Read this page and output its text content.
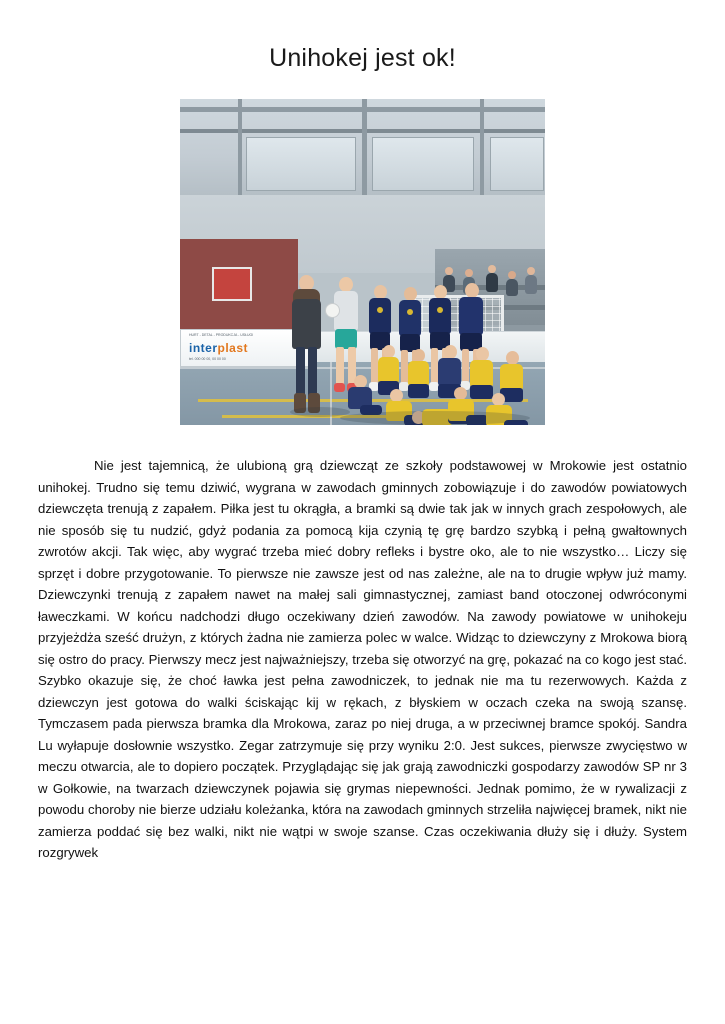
Unihokej jest ok!
HURT - DETAL - PRODUKCJA - USŁUGI
interplast
tel. 000 00 00, 00 00 00

Nie jest tajemnicą, że ulubioną grą dziewcząt ze szkoły podstawowej w Mrokowie jest ostatnio unihokej. Trudno się temu dziwić, wygrana w zawodach gminnych zobowiązuje i do zawodów powiatowych dziewczęta trenują z zapałem. Piłka jest tu okrągła, a bramki są dwie tak jak w innych grach zespołowych, ale nie sposób się tu nudzić, gdyż podania za pomocą kija czynią tę grę bardzo szybką i pełną gwałtownych zwrotów akcji. Tak więc, aby wygrać trzeba mieć dobry refleks i bystre oko, ale to nie wszystko… Liczy się sprzęt i dobre przygotowanie. To pierwsze nie zawsze jest od nas zależne, ale na to drugie wpływ już mamy. Dziewczynki trenują z zapałem nawet na małej sali gimnastycznej, zamiast band otoczonej odwróconymi ławeczkami. W końcu nadchodzi długo oczekiwany dzień zawodów. Na zawody powiatowe w unihokeju przyjeżdża sześć drużyn, z których żadna nie zamierza polec w walce. Widząc to dziewczyny z Mrokowa biorą się ostro do pracy. Pierwszy mecz jest najważniejszy, trzeba się otworzyć na grę, pokazać na co kogo jest stać. Szybko okazuje się, że choć ławka jest pełna zawodniczek, to jednak nie ma tu rezerwowych. Każda z dziewczyn jest gotowa do walki ściskając kij w rękach, z błyskiem w oczach czeka na swoją szansę. Tymczasem pada pierwsza bramka dla Mrokowa, zaraz po niej druga, a w przeciwnej bramce spokój. Sandra Lu wyłapuje dosłownie wszystko. Zegar zatrzymuje się przy wyniku 2:0. Jest sukces, pierwsze zwycięstwo w meczu otwarcia, ale to dopiero początek. Przyglądając się jak grają zawodniczki gospodarzy zawodów SP nr 3 w Gołkowie, na twarzach dziewczynek pojawia się grymas niepewności. Jednak pomimo, że w rywalizacji z powodu choroby nie bierze udziału koleżanka, która na zawodach gminnych strzeliła najwięcej bramek, nikt nie zamierza poddać się bez walki, nikt nie wątpi w swoje szanse. Czas oczekiwania dłuży się i dłuży. System rozgrywek
